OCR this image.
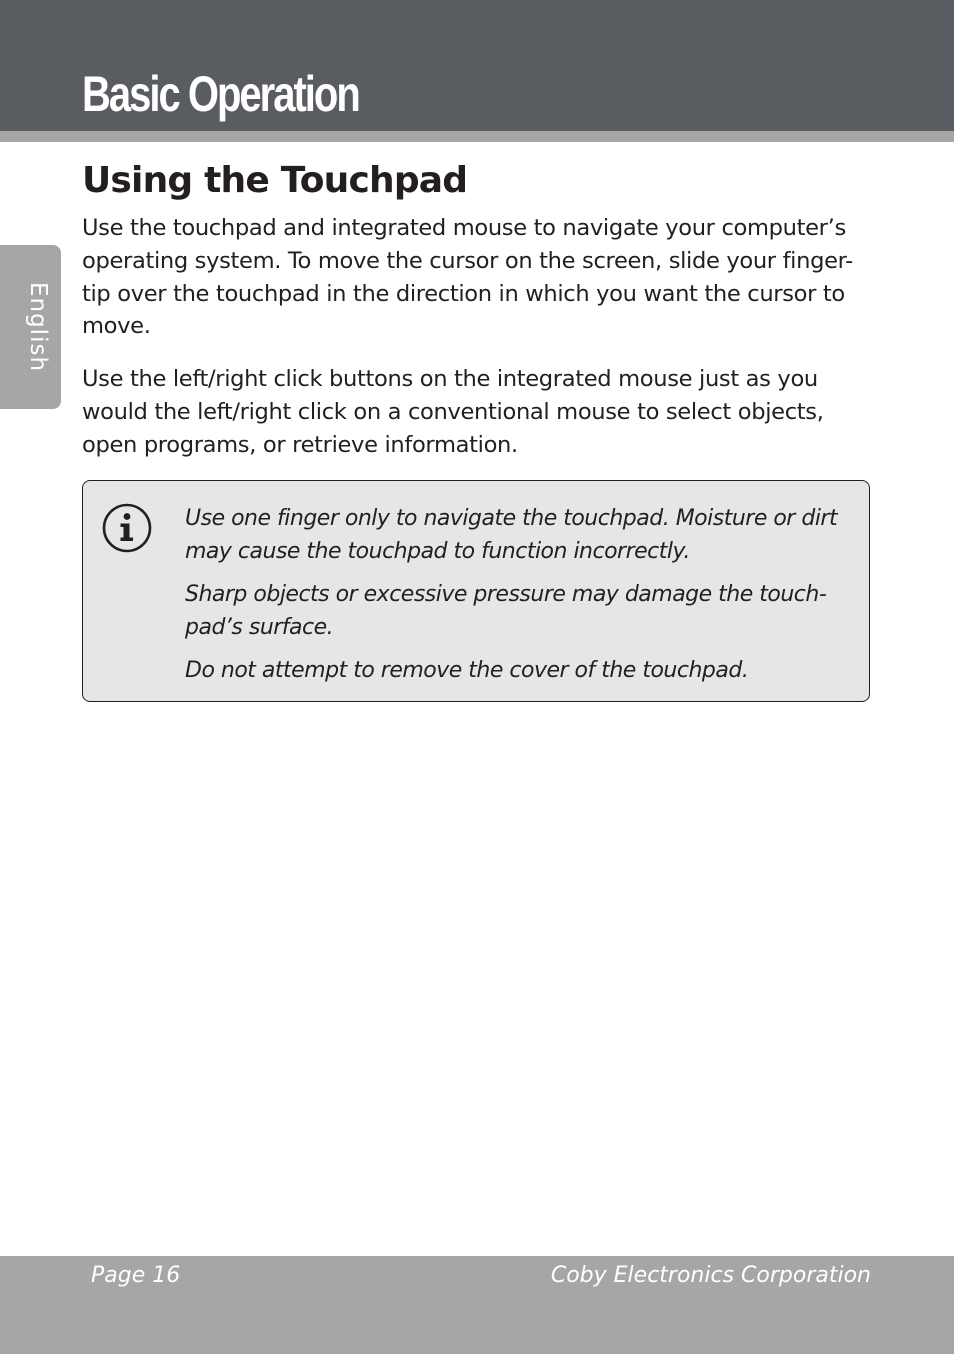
Basic Operation
English
Using the Touchpad

Use the touchpad and integrated mouse to navigate your computer’s operating system. To move the cursor on the screen, slide your finger-tip over the touchpad in the direction in which you want the cursor to move.

Use the left/right click buttons on the integrated mouse just as you would the left/right click on a conventional mouse to select objects, open programs, or retrieve information.

Use one finger only to navigate the touchpad. Moisture or dirt may cause the touchpad to function incorrectly.

Sharp objects or excessive pressure may damage the touch-pad’s surface.

Do not attempt to remove the cover of the touchpad.

Page 16	Coby Electronics Corporation
